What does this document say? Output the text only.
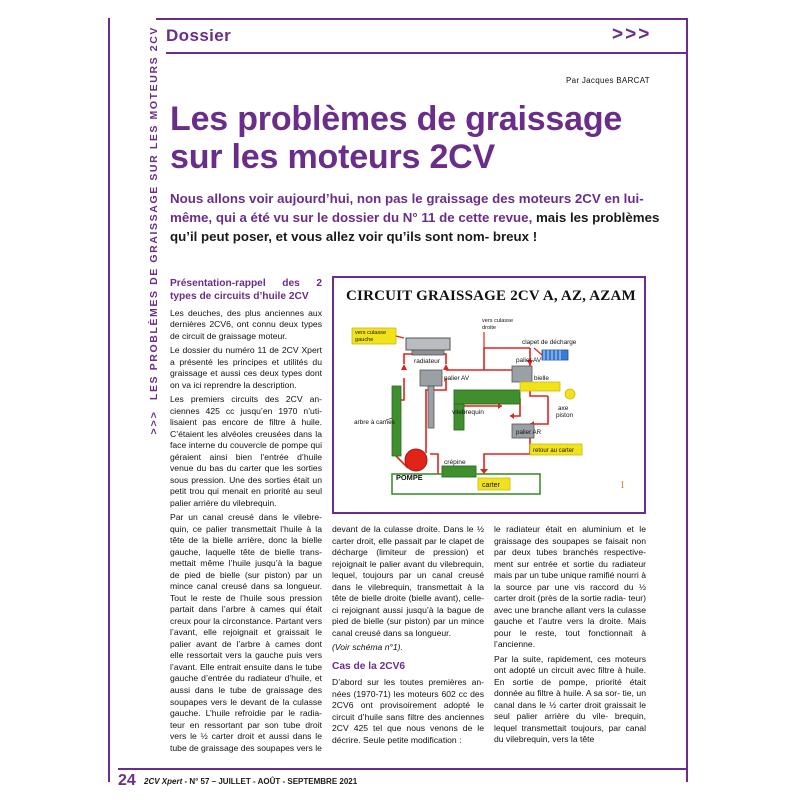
>>>LES PROBLÈMES DE GRAISSAGE SUR LES MOTEURS 2CV Dossier	>>>
Par Jacques BARCAT
Les problèmes de graissage
sur les moteurs 2CV
Nous allons voir aujourd’hui, non pas le graissage des moteurs 2CV en lui-même, qui a été vu sur le dossier du N° 11 de cette revue, mais les problèmes qu’il peut poser, et vous allez voir qu’ils sont nom- breux !
Présentation-rappel des 2 types de circuits d’huile 2CV

Les deuches, des plus anciennes aux dernières 2CV6, ont connu deux types de circuit de graissage moteur.

Le dossier du numéro 11 de 2CV Xpert a présenté les principes et utilités du graissage et aussi ces deux types dont on va ici reprendre la description.

Les premiers circuits des 2CV an- ciennes 425 cc jusqu’en 1970 n’uti- lisaient pas encore de filtre à huile. C’étaient les alvéoles creusées dans la face interne du couvercle de pompe qui géraient ainsi bien l’entrée d’huile venue du bas du carter que les sorties sous pression. Une des sorties était un petit trou qui menait en priorité au seul palier arrière du vilebrequin.

Par un canal creusé dans le vilebre- quin, ce palier transmettait l’huile à la tête de la bielle arrière, donc la bielle gauche, laquelle tête de bielle trans- mettait même l’huile jusqu’à la bague de pied de bielle (sur piston) par un mince canal creusé dans sa longueur. Tout le reste de l’huile sous pression partait dans l’arbre à cames qui était creux pour la circonstance. Partant vers l’avant, elle rejoignait et graissait le palier avant de l’arbre à cames dont elle ressortait vers la gauche puis vers l’avant. Elle entrait ensuite dans le tube gauche d’entrée du radiateur d’huile, et aussi dans le tube de graissage des soupapes vers le devant de la culasse gauche. L’huile refroidie par le radia- teur en ressortant par son tube droit vers le ½ carter droit et aussi dans le tube de graissage des soupapes vers le

devant de la culasse droite. Dans le ½ carter droit, elle passait par le clapet de décharge (limiteur de pression) et rejoignait le palier avant du vilebrequin, lequel, toujours par un canal creusé dans le vilebrequin, transmettait à la tête de bielle droite (bielle avant), celle- ci rejoignant aussi jusqu’à la bague de pied de bielle (sur piston) par un mince canal creusé dans sa longueur.

(Voir schéma n°1).

Cas de la 2CV6

D’abord sur les toutes premières an- nées (1970-71) les moteurs 602 cc des 2CV6 ont provisoirement adopté le circuit d’huile sans filtre des anciennes 2CV 425 tel que nous venons de le décrire. Seule petite modification :

le radiateur était en aluminium et le graissage des soupapes se faisait non par deux tubes branchés respective- ment sur entrée et sortie du radiateur mais par un tube unique ramifié nourri à la source par une vis raccord du ½ carter droit (près de la sortie radia- teur) avec une branche allant vers la culasse gauche et l’autre vers la droite. Mais pour le reste, tout fonctionnait à l’ancienne.

Par la suite, rapidement, ces moteurs ont adopté un circuit avec filtre à huile. En sortie de pompe, priorité était donnée au filtre à huile. A sa sor- tie, un canal dans le ½ carter droit graissait le seul palier arrière du vile- brequin, lequel transmettait toujours, par canal du vilebrequin, vers la tête

CIRCUIT GRAISSAGE 2CV A, AZ, AZAM
radiateur
vers culasse
gauche
vers culasse
droite
clapet de décharge
palier AV
arbre à cames
palier AV
vilebrequin
bielle
axe
piston
palier AR
retour au carter
POMPE
crépine
carter	1
24 2CV Xpert - N° 57 – JUILLET - AOÛT - SEPTEMBRE 2021
